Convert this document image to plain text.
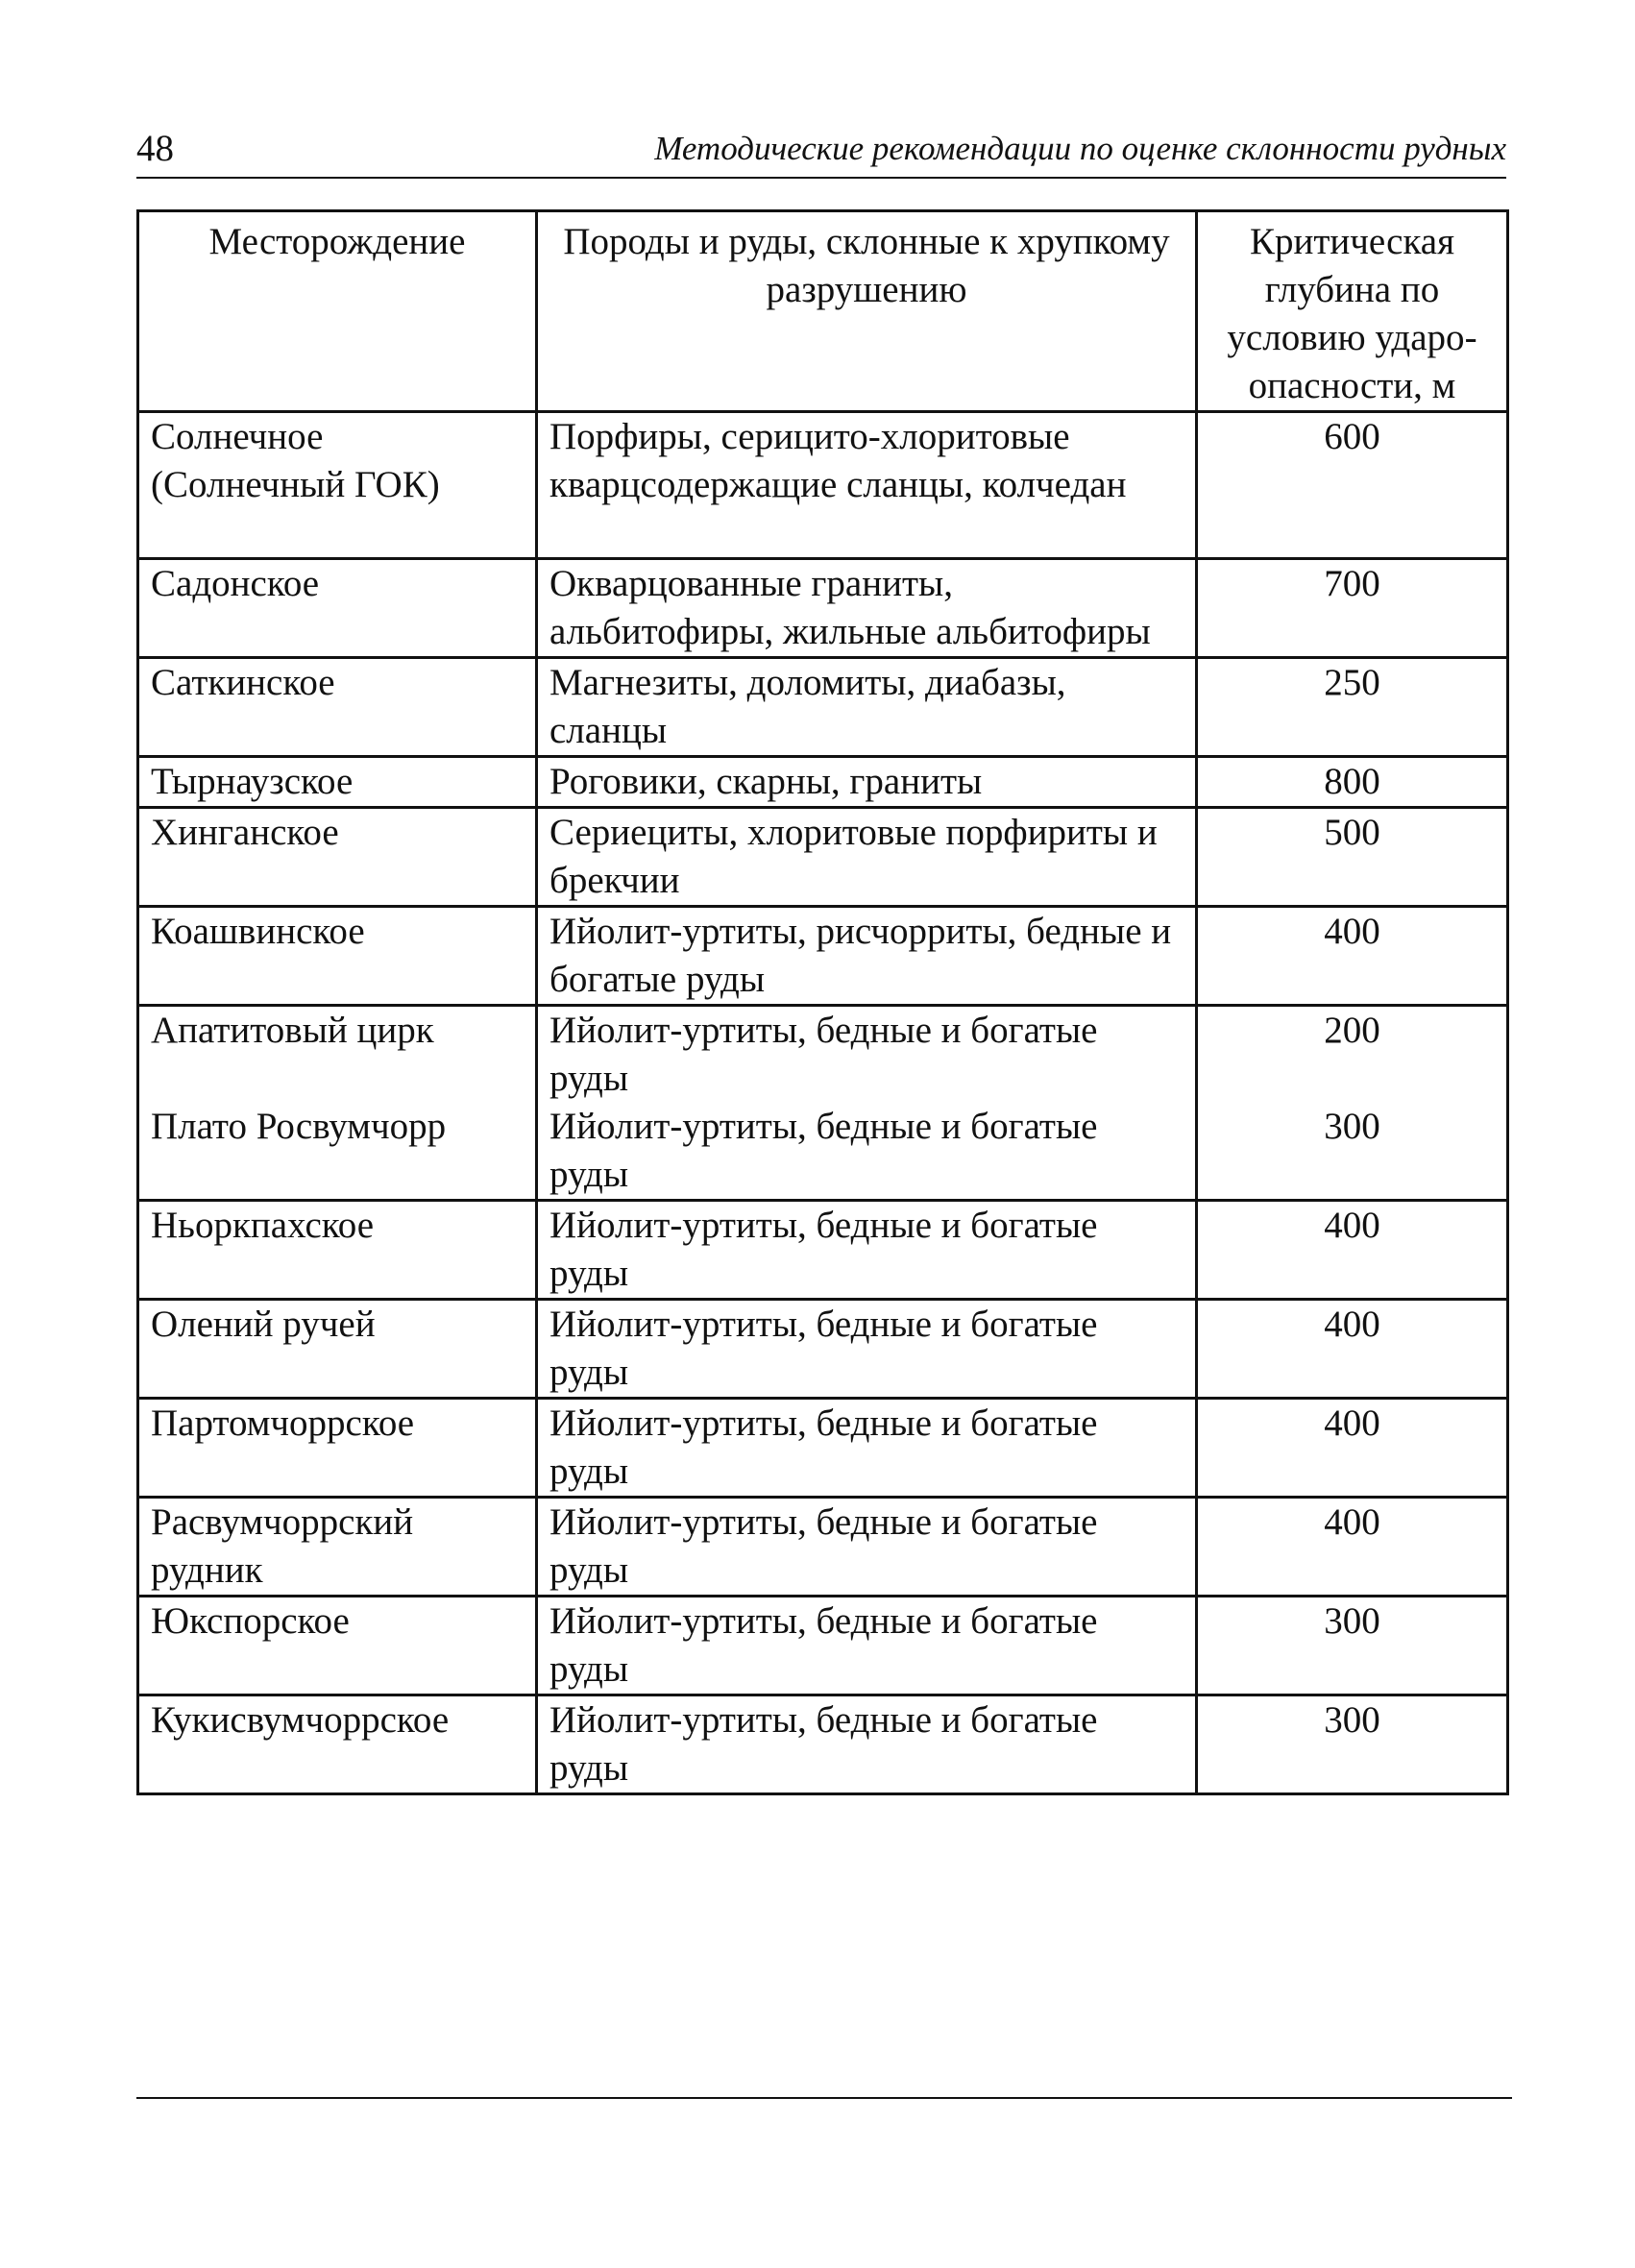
48	Методические рекомендации по оценке склонности рудных
Месторождение	Породы и руды, склонные к хрупкому разрушению	Критическая глубина по условию удароопасности, м
Солнечное (Солнечный ГОК)	Порфиры, серицито-хлоритовые кварцсодержащие сланцы, колчедан	600
Садонское	Окварцованные граниты, альбитофиры, жильные альбитофиры	700
Саткинское	Магнезиты, доломиты, диабазы, сланцы	250
Тырнаузское	Роговики, скарны, граниты	800
Хинганское	Сериециты, хлоритовые порфириты и брекчии	500
Коашвинское	Ийолит-уртиты, рисчорриты, бедные и богатые руды	400
Апатитовый цирк	Ийолит-уртиты, бедные и богатые руды	200
Плато Росвумчорр	Ийолит-уртиты, бедные и богатые руды	300
Ньоркпахское	Ийолит-уртиты, бедные и богатые руды	400
Олений ручей	Ийолит-уртиты, бедные и богатые руды	400
Партомчоррское	Ийолит-уртиты, бедные и богатые руды	400
Расвумчоррский рудник	Ийолит-уртиты, бедные и богатые руды	400
Юкспорское	Ийолит-уртиты, бедные и богатые руды	300
Кукисвумчоррское	Ийолит-уртиты, бедные и богатые руды	300
